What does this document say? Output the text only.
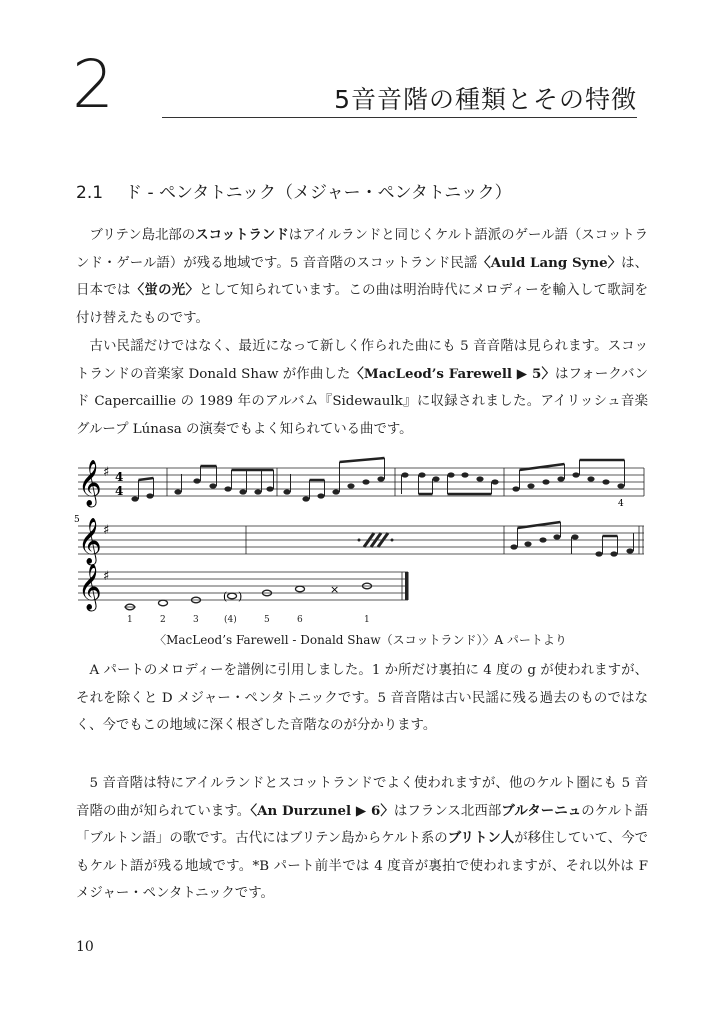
2	5音音階の種類とその特徴
2.1 ド - ペンタトニック（メジャー・ペンタトニック）

ブリテン島北部のスコットランドはアイルランドと同じくケルト語派のゲール語（スコットランド・ゲール語）が残る地域です。5 音音階のスコットランド民謡〈Auld Lang Syne〉は、日本では〈蛍の光〉として知られています。この曲は明治時代にメロディーを輸入して歌詞を付け替えたものです。

古い民謡だけではなく、最近になって新しく作られた曲にも 5 音音階は見られます。スコットランドの音楽家 Donald Shaw が作曲した〈MacLeod’s Farewell ▶ 5〉はフォークバンド Capercaillie の 1989 年のアルバム『Sidewaulk』に収録されました。アイリッシュ音楽グループ Lúnasa の演奏でもよく知られている曲です。

𝄞 ♯ 4
4
4
5
𝄞 ♯
𝄞 ♯
( )
×
1	2	3	(4)	5	6	1
〈MacLeod’s Farewell - Donald Shaw（スコットランド）〉A パートより

A パートのメロディーを譜例に引用しました。1 か所だけ裏拍に 4 度の g が使われますが、それを除くと D メジャー・ペンタトニックです。5 音音階は古い民謡に残る過去のものではなく、今でもこの地域に深く根ざした音階なのが分かります。

5 音音階は特にアイルランドとスコットランドでよく使われますが、他のケルト圏にも 5 音音階の曲が知られています。〈An Durzunel ▶ 6〉はフランス北西部ブルターニュのケルト語「ブルトン語」の歌です。古代にはブリテン島からケルト系のブリトン人が移住していて、今でもケルト語が残る地域です。*B パート前半では 4 度音が裏拍で使われますが、それ以外は F メジャー・ペンタトニックです。

10
